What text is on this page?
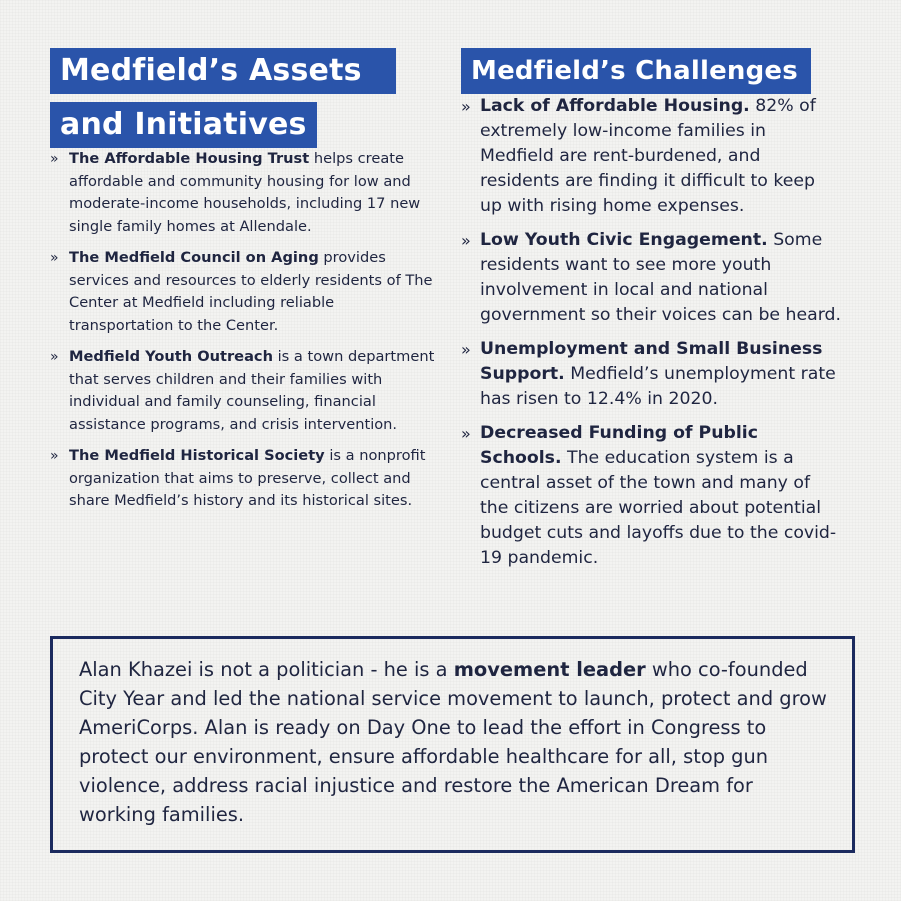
Medfield’s Assets
and Initiatives
» The Affordable Housing Trust helps create affordable and community housing for low and moderate-income households, including 17 new single family homes at Allendale.
» The Medfield Council on Aging provides services and resources to elderly residents of The Center at Medfield including reliable transportation to the Center.
» Medfield Youth Outreach is a town department that serves children and their families with individual and family counseling, financial assistance programs, and crisis intervention.
» The Medfield Historical Society is a nonprofit organization that aims to preserve, collect and share Medfield’s history and its historical sites.
Medfield’s Challenges
» Lack of Affordable Housing. 82% of extremely low-income families in Medfield are rent-burdened, and residents are finding it difficult to keep up with rising home expenses.
» Low Youth Civic Engagement. Some residents want to see more youth involvement in local and national government so their voices can be heard.
» Unemployment and Small Business Support. Medfield’s unemployment rate has risen to 12.4% in 2020.
» Decreased Funding of Public Schools. The education system is a central asset of the town and many of the citizens are worried about potential budget cuts and layoffs due to the covid-19 pandemic.
Alan Khazei is not a politician - he is a movement leader who co-founded City Year and led the national service movement to launch, protect and grow AmeriCorps. Alan is ready on Day One to lead the effort in Congress to protect our environment, ensure affordable healthcare for all, stop gun violence, address racial injustice and restore the American Dream for working families.
